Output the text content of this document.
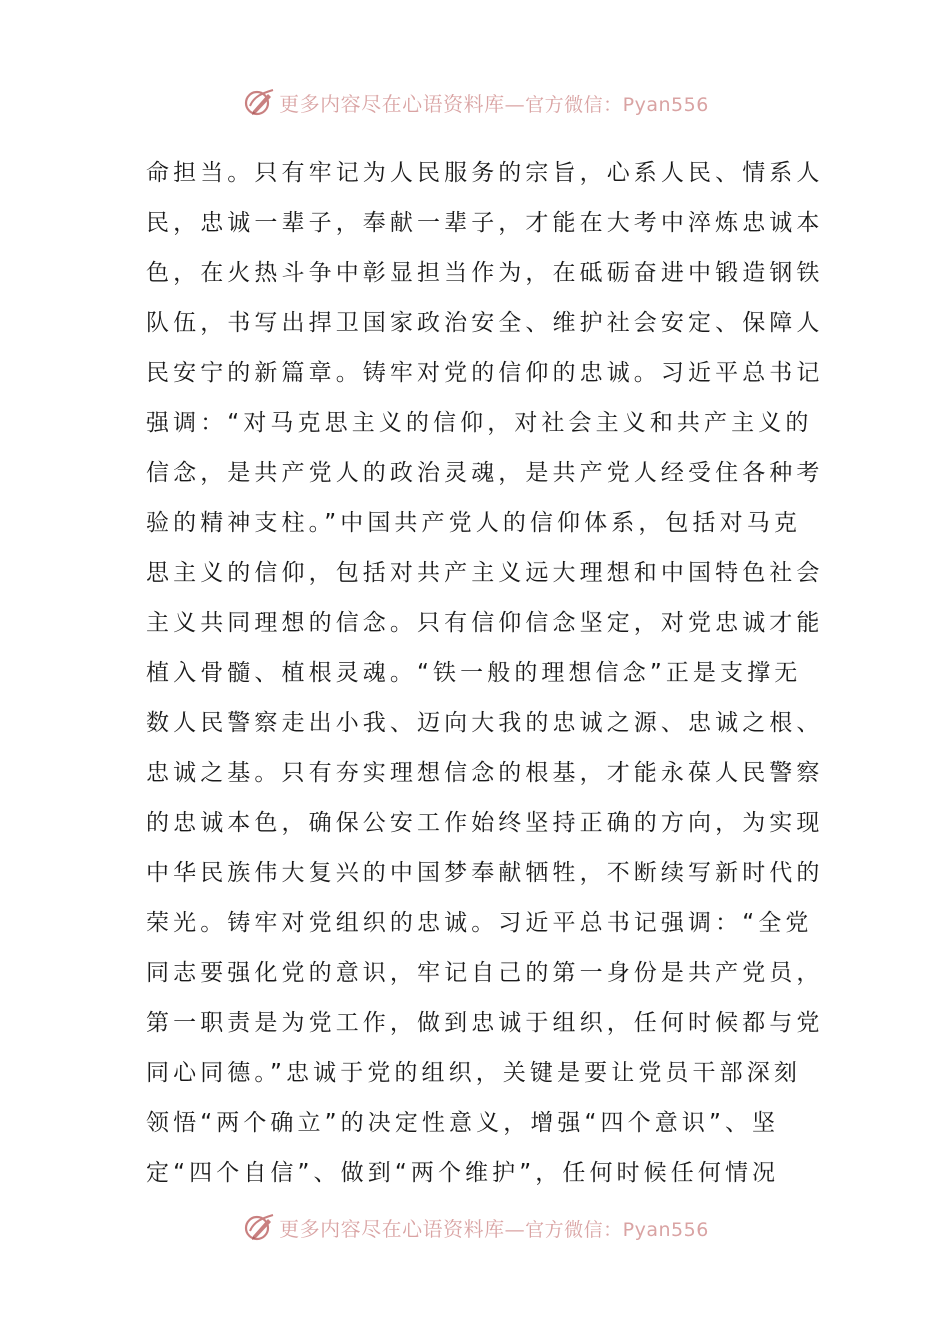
更多内容尽在心语资料库—官方微信：Pyan556
命担当。只有牢记为人民服务的宗旨，心系人民、情系人
民，忠诚一辈子，奉献一辈子，才能在大考中淬炼忠诚本
色，在火热斗争中彰显担当作为，在砥砺奋进中锻造钢铁
队伍，书写出捍卫国家政治安全、维护社会安定、保障人
民安宁的新篇章。铸牢对党的信仰的忠诚。习近平总书记
强调：“对马克思主义的信仰，对社会主义和共产主义的
信念，是共产党人的政治灵魂，是共产党人经受住各种考
验的精神支柱。”中国共产党人的信仰体系，包括对马克
思主义的信仰，包括对共产主义远大理想和中国特色社会
主义共同理想的信念。只有信仰信念坚定，对党忠诚才能
植入骨髓、植根灵魂。“铁一般的理想信念”正是支撑无
数人民警察走出小我、迈向大我的忠诚之源、忠诚之根、
忠诚之基。只有夯实理想信念的根基，才能永葆人民警察
的忠诚本色，确保公安工作始终坚持正确的方向，为实现
中华民族伟大复兴的中国梦奉献牺牲，不断续写新时代的
荣光。铸牢对党组织的忠诚。习近平总书记强调：“全党
同志要强化党的意识，牢记自己的第一身份是共产党员，
第一职责是为党工作，做到忠诚于组织，任何时候都与党
同心同德。”忠诚于党的组织，关键是要让党员干部深刻
领悟“两个确立”的决定性意义，增强“四个意识”、坚
定“四个自信”、做到“两个维护”，任何时候任何情况
更多内容尽在心语资料库—官方微信：Pyan556
